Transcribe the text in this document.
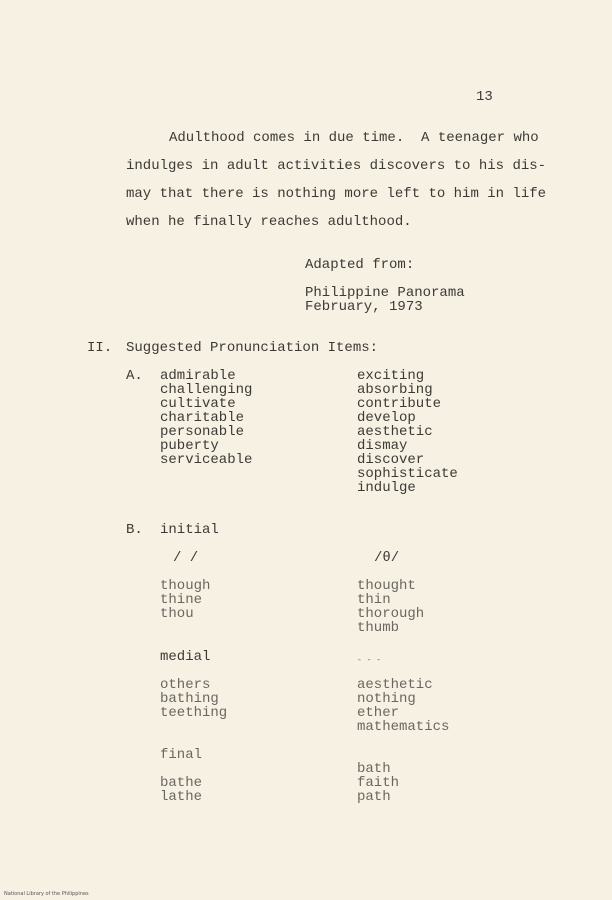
13
Adulthood comes in due time.  A teenager who
indulges in adult activities discovers to his dis-
may that there is nothing more left to him in life
when he finally reaches adulthood.
Adapted from:
Philippine Panorama
February, 1973
II. Suggested Pronunciation Items:
A. admirable
challenging
cultivate
charitable
personable
puberty
serviceable
exciting
absorbing
contribute
develop
aesthetic
dismay
discover
sophisticate
indulge
B. initial
/ /	/θ/
though
thine
thou
thought
thin
thorough
thumb
medial	- - -
others
bathing
teething
aesthetic
nothing
ether
mathematics
final
bathe
lathe
bath
faith
path
National Library of the Philippines
